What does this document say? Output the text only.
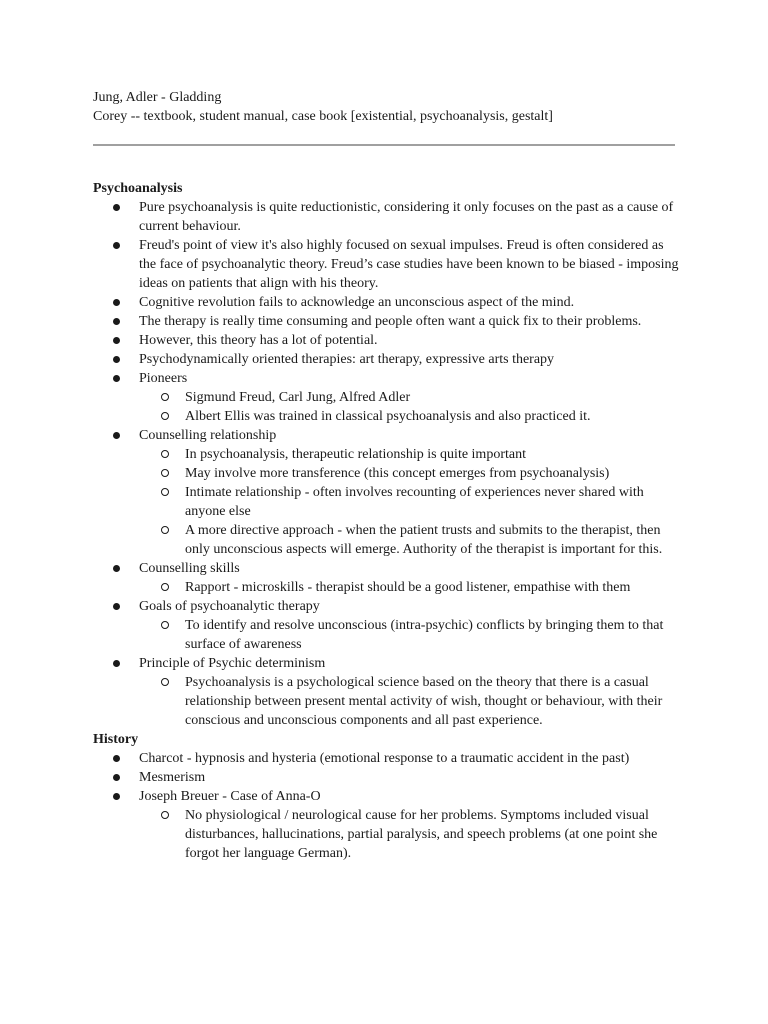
Jung, Adler - Gladding
Corey -- textbook, student manual, case book [existential, psychoanalysis, gestalt]
Psychoanalysis
Pure psychoanalysis is quite reductionistic, considering it only focuses on the past as a cause of current behaviour.
Freud's point of view it's also highly focused on sexual impulses. Freud is often considered as the face of psychoanalytic theory. Freud’s case studies have been known to be biased - imposing ideas on patients that align with his theory.
Cognitive revolution fails to acknowledge an unconscious aspect of the mind.
The therapy is really time consuming and people often want a quick fix to their problems.
However, this theory has a lot of potential.
Psychodynamically oriented therapies: art therapy, expressive arts therapy
Pioneers
Sigmund Freud, Carl Jung, Alfred Adler
Albert Ellis was trained in classical psychoanalysis and also practiced it.
Counselling relationship
In psychoanalysis, therapeutic relationship is quite important
May involve more transference (this concept emerges from psychoanalysis)
Intimate relationship - often involves recounting of experiences never shared with anyone else
A more directive approach - when the patient trusts and submits to the therapist, then only unconscious aspects will emerge. Authority of the therapist is important for this.
Counselling skills
Rapport - microskills - therapist should be a good listener, empathise with them
Goals of psychoanalytic therapy
To identify and resolve unconscious (intra-psychic) conflicts by bringing them to that surface of awareness
Principle of Psychic determinism
Psychoanalysis is a psychological science based on the theory that there is a casual relationship between present mental activity of wish, thought or behaviour, with their conscious and unconscious components and all past experience.
History
Charcot - hypnosis and hysteria (emotional response to a traumatic accident in the past)
Mesmerism
Joseph Breuer - Case of Anna-O
No physiological / neurological cause for her problems. Symptoms included visual disturbances, hallucinations, partial paralysis, and speech problems (at one point she forgot her language German).
